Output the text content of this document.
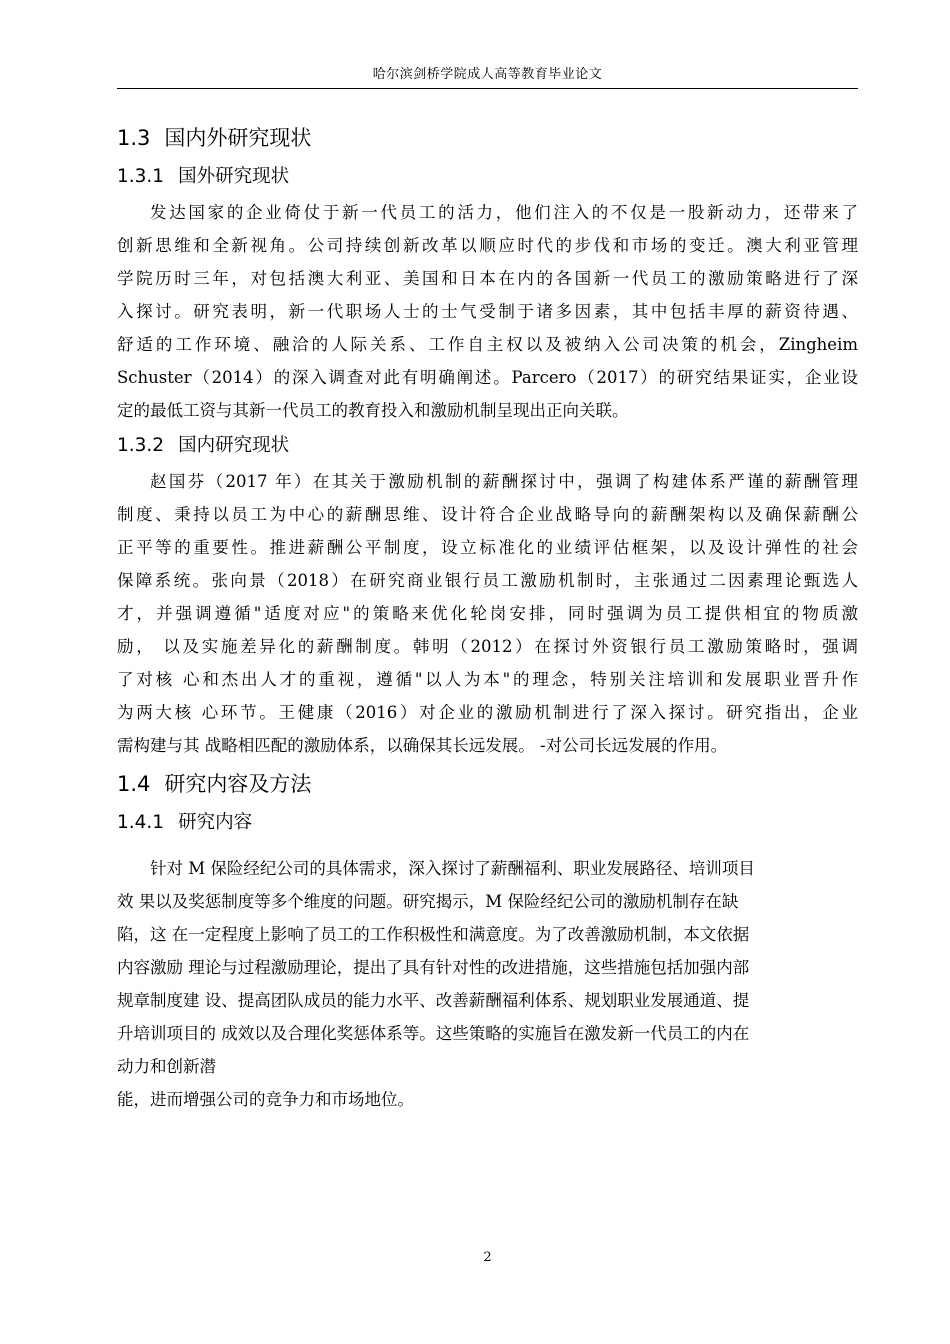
哈尔滨剑桥学院成人高等教育毕业论文
1.3 国内外研究现状
1.3.1 国外研究现状

发达国家的企业倚仗于新一代员工的活力，他们注入的不仅是一股新动力，还带来了
创新思维和全新视角。公司持续创新改革以顺应时代的步伐和市场的变迁。澳大利亚管理
学院历时三年，对包括澳大利亚、美国和日本在内的各国新一代员工的激励策略进行了深
入探讨。研究表明，新一代职场人士的士气受制于诸多因素，其中包括丰厚的薪资待遇、
舒适的工作环境、融洽的人际关系、工作自主权以及被纳入公司决策的机会，Zingheim
Schuster（2014）的深入调查对此有明确阐述。Parcero（2017）的研究结果证实，企业设
定的最低工资与其新一代员工的教育投入和激励机制呈现出正向关联。

1.3.2 国内研究现状

赵国芬（2017 年）在其关于激励机制的薪酬探讨中，强调了构建体系严谨的薪酬管理
制度、秉持以员工为中心的薪酬思维、设计符合企业战略导向的薪酬架构以及确保薪酬公
正平等的重要性。推进薪酬公平制度，设立标准化的业绩评估框架，以及设计弹性的社会
保障系统。张向景（2018）在研究商业银行员工激励机制时，主张通过二因素理论甄选人
才，并强调遵循"适度对应"的策略来优化轮岗安排，同时强调为员工提供相宜的物质激
励， 以及实施差异化的薪酬制度。韩明（2012）在探讨外资银行员工激励策略时，强调
了对核 心和杰出人才的重视，遵循"以人为本"的理念，特别关注培训和发展职业晋升作
为两大核 心环节。王健康（2016）对企业的激励机制进行了深入探讨。研究指出，企业
需构建与其 战略相匹配的激励体系，以确保其长远发展。 -对公司长远发展的作用。

1.4 研究内容及方法
1.4.1 研究内容

针对 M 保险经纪公司的具体需求，深入探讨了薪酬福利、职业发展路径、培训项目
效 果以及奖惩制度等多个维度的问题。研究揭示，M 保险经纪公司的激励机制存在缺
陷，这 在一定程度上影响了员工的工作积极性和满意度。为了改善激励机制，本文依据
内容激励 理论与过程激励理论，提出了具有针对性的改进措施，这些措施包括加强内部
规章制度建 设、提高团队成员的能力水平、改善薪酬福利体系、规划职业发展通道、提
升培训项目的 成效以及合理化奖惩体系等。这些策略的实施旨在激发新一代员工的内在
动力和创新潜
能，进而增强公司的竞争力和市场地位。

2
